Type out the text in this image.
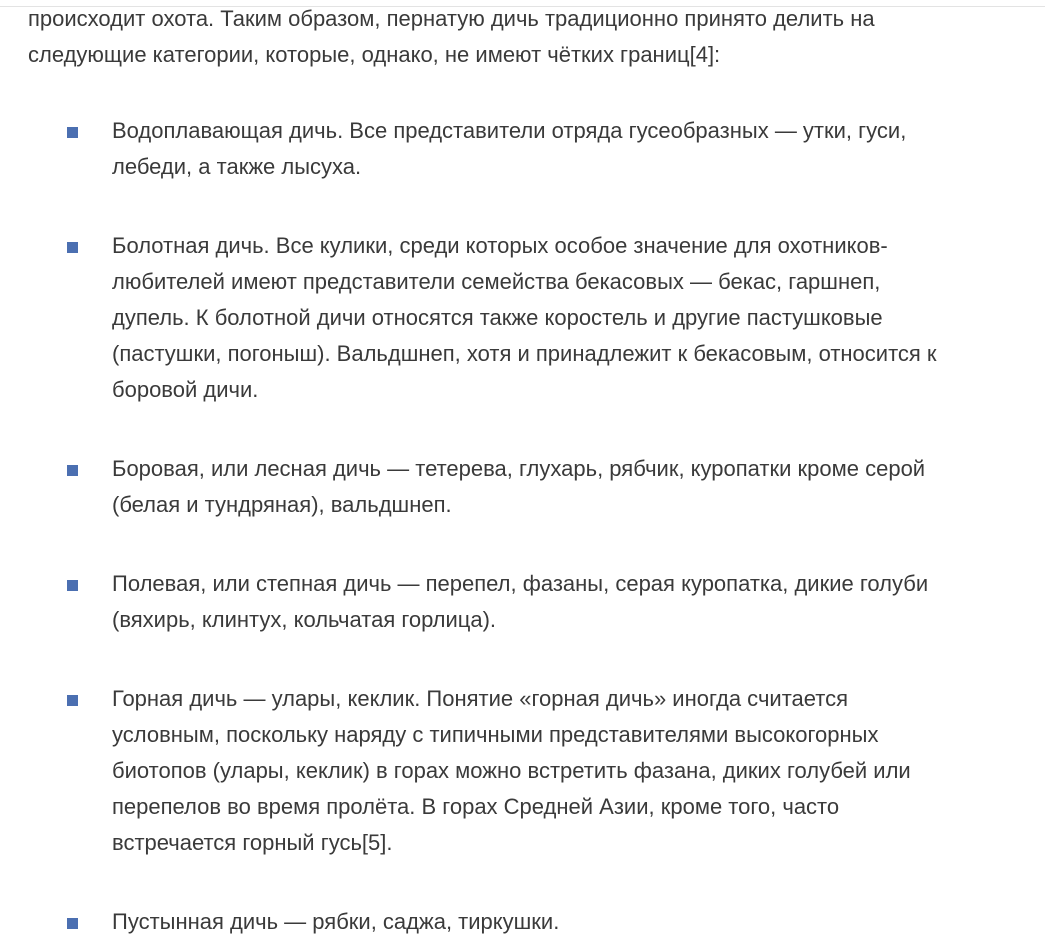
происходит охота. Таким образом, пернатую дичь традиционно принято делить на
следующие категории, которые, однако, не имеют чётких границ[4]:

Водоплавающая дичь. Все представители отряда гусеобразных — утки, гуси,
лебеди, а также лысуха.
Болотная дичь. Все кулики, среди которых особое значение для охотников-
любителей имеют представители семейства бекасовых — бекас, гаршнеп,
дупель. К болотной дичи относятся также коростель и другие пастушковые
(пастушки, погоныш). Вальдшнеп, хотя и принадлежит к бекасовым, относится к
боровой дичи.
Боровая, или лесная дичь — тетерева, глухарь, рябчик, куропатки кроме серой
(белая и тундряная), вальдшнеп.
Полевая, или степная дичь — перепел, фазаны, серая куропатка, дикие голуби
(вяхирь, клинтух, кольчатая горлица).
Горная дичь — улары, кеклик. Понятие «горная дичь» иногда считается
условным, поскольку наряду с типичными представителями высокогорных
биотопов (улары, кеклик) в горах можно встретить фазана, диких голубей или
перепелов во время пролёта. В горах Средней Азии, кроме того, часто
встречается горный гусь[5].
Пустынная дичь — рябки, саджа, тиркушки.
